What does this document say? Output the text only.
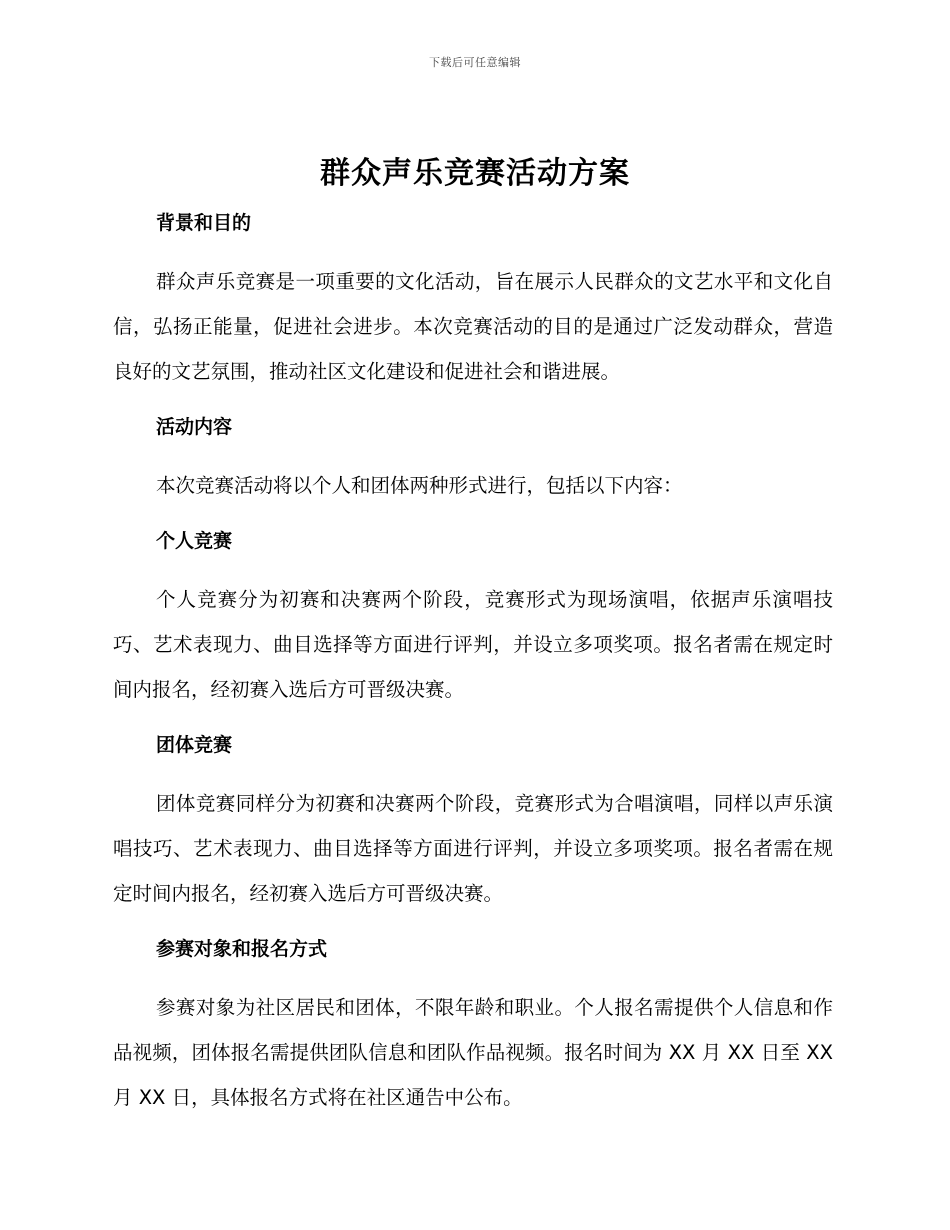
下载后可任意编辑
群众声乐竞赛活动方案
背景和目的

群众声乐竞赛是一项重要的文化活动，旨在展示人民群众的文艺水平和文化自信，弘扬正能量，促进社会进步。本次竞赛活动的目的是通过广泛发动群众，营造良好的文艺氛围，推动社区文化建设和促进社会和谐进展。

活动内容

本次竞赛活动将以个人和团体两种形式进行，包括以下内容：

个人竞赛

个人竞赛分为初赛和决赛两个阶段，竞赛形式为现场演唱，依据声乐演唱技巧、艺术表现力、曲目选择等方面进行评判，并设立多项奖项。报名者需在规定时间内报名，经初赛入选后方可晋级决赛。

团体竞赛

团体竞赛同样分为初赛和决赛两个阶段，竞赛形式为合唱演唱，同样以声乐演唱技巧、艺术表现力、曲目选择等方面进行评判，并设立多项奖项。报名者需在规定时间内报名，经初赛入选后方可晋级决赛。

参赛对象和报名方式

参赛对象为社区居民和团体，不限年龄和职业。个人报名需提供个人信息和作品视频，团体报名需提供团队信息和团队作品视频。报名时间为 XX 月 XX 日至 XX 月 XX 日，具体报名方式将在社区通告中公布。
